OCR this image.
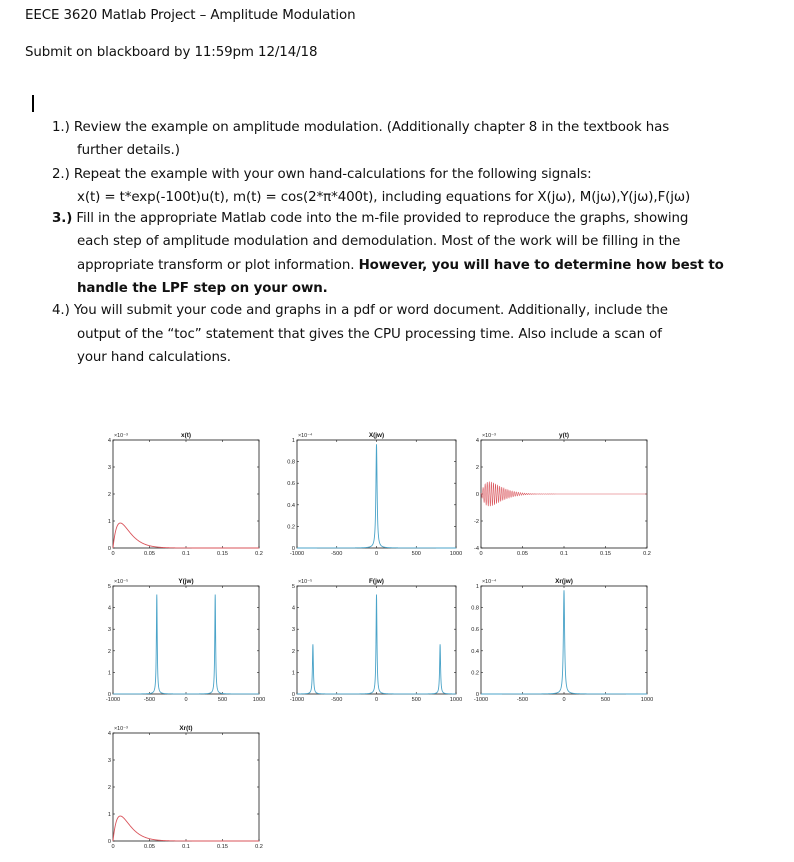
EECE 3620 Matlab Project – Amplitude Modulation
Submit on blackboard by 11:59pm 12/14/18
1.) Review the example on amplitude modulation. (Additionally chapter 8 in the textbook has
further details.)
2.) Repeat the example with your own hand-calculations for the following signals:
x(t) = t*exp(-100t)u(t), m(t) = cos(2*π*400t), including equations for X(jω), M(jω),Y(jω),F(jω)
3.) Fill in the appropriate Matlab code into the m-file provided to reproduce the graphs, showing
each step of amplitude modulation and demodulation. Most of the work will be filling in the
appropriate transform or plot information. However, you will have to determine how best to
handle the LPF step on your own.
4.) You will submit your code and graphs in a pdf or word document. Additionally, include the
output of the “toc” statement that gives the CPU processing time. Also include a scan of
your hand calculations.
x(t)
×10⁻³
0	0.05	0.1	0.15	0.2
0
1
2
3
4
X(jw)
×10⁻⁴
-1000	-500	0	500	1000
0
0.2
0.4
0.6
0.8
1
y(t)
×10⁻³
0	0.05	0.1	0.15	0.2
-4
-2
0
2
4
Y(jw)
×10⁻⁵
-1000	-500	0	500	1000
0
1
2
3
4
5
F(jw)
×10⁻⁵
-1000	-500	0	500	1000
0
1
2
3
4
5
Xr(jw)
×10⁻⁴
-1000	-500	0	500	1000
0
0.2
0.4
0.6
0.8
1
Xr(t)
×10⁻³
0	0.05	0.1	0.15	0.2
0
1
2
3
4
